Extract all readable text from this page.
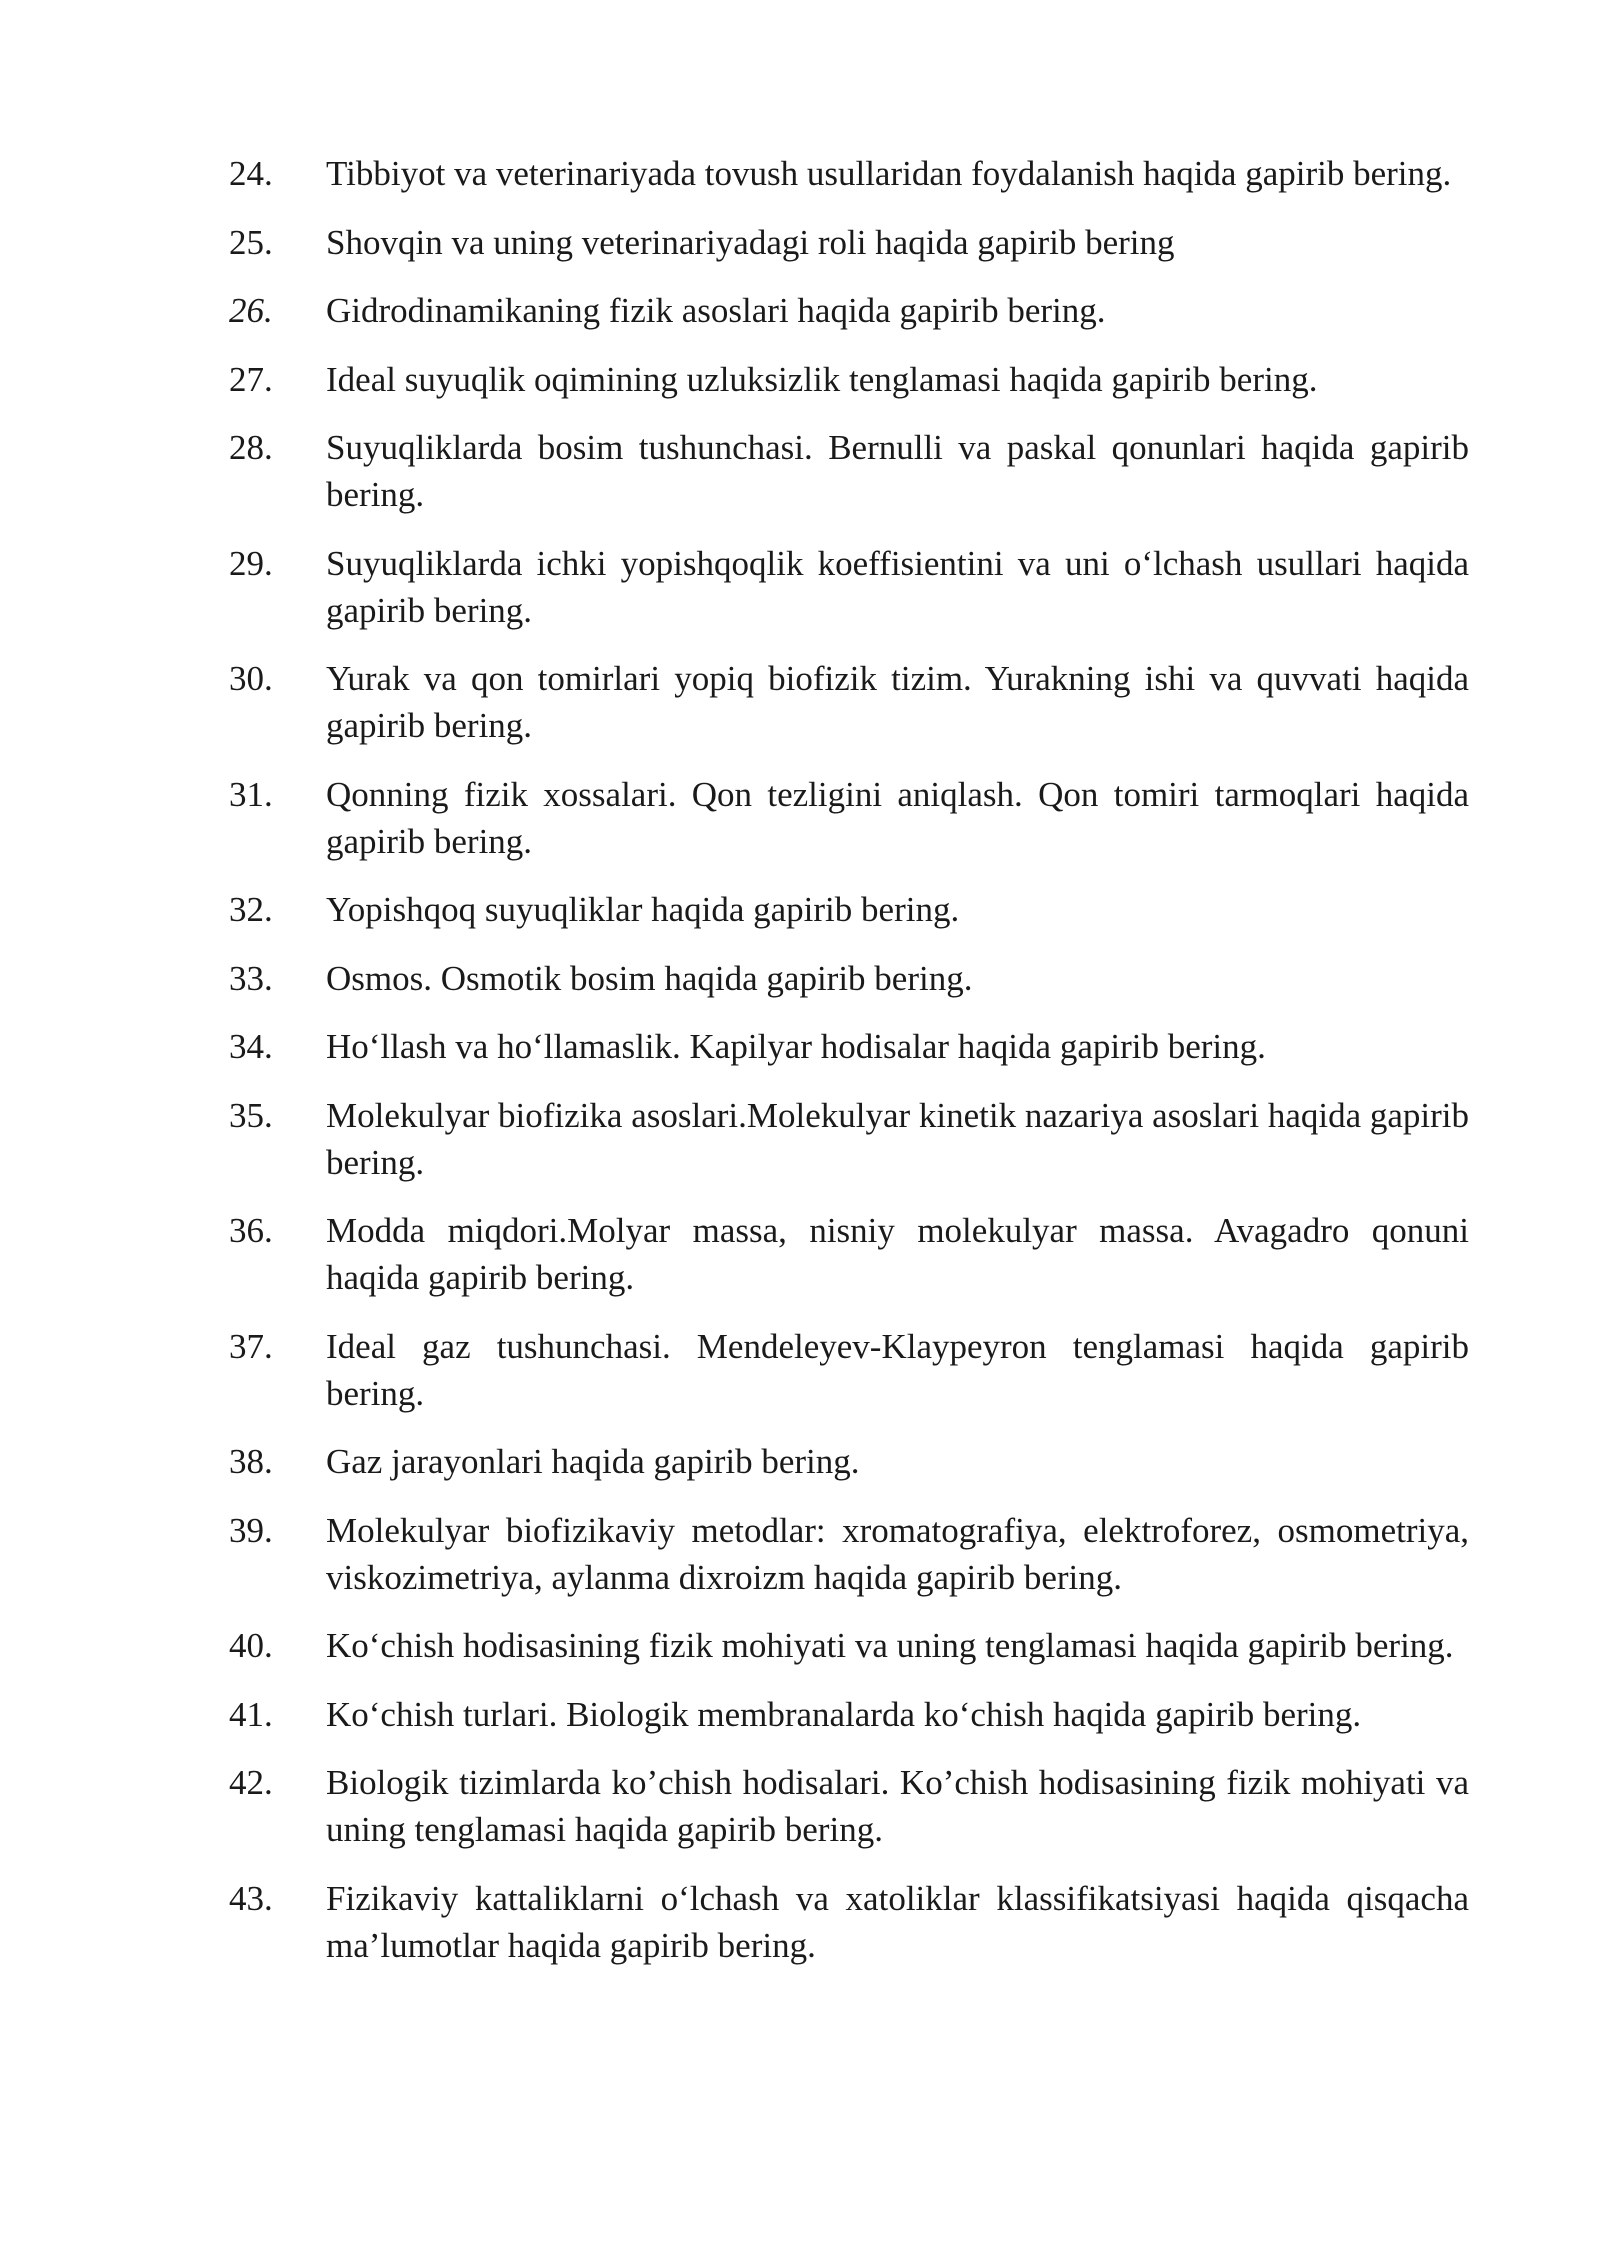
24.	Tibbiyot va veterinariyada tovush usullaridan foydalanish haqida gapirib bering.
25.	Shovqin va uning veterinariyadagi roli haqida gapirib bering
26.	Gidrodinamikaning fizik asoslari haqida gapirib bering.
27.	Ideal suyuqlik oqimining uzluksizlik tenglamasi haqida gapirib bering.
28.	Suyuqliklarda bosim tushunchasi. Bernulli va paskal qonunlari haqida gapirib bering.
29.	Suyuqliklarda ichki yopishqoqlik koeffisientini va uni o‘lchash usullari haqida gapirib bering.
30.	Yurak va qon tomirlari yopiq biofizik tizim. Yurakning ishi va quvvati haqida gapirib bering.
31.	Qonning fizik xossalari. Qon tezligini aniqlash. Qon tomiri tarmoqlari haqida gapirib bering.
32.	Yopishqoq suyuqliklar haqida gapirib bering.
33.	Osmos. Osmotik bosim haqida gapirib bering.
34.	Ho‘llash va ho‘llamaslik. Kapilyar hodisalar haqida gapirib bering.
35.	Molekulyar biofizika asoslari.Molekulyar kinetik nazariya asoslari haqida gapirib bering.
36.	Modda miqdori.Molyar massa, nisniy molekulyar massa. Avagadro qonuni haqida gapirib bering.
37.	Ideal gaz tushunchasi. Mendeleyev-Klaypeyron tenglamasi haqida gapirib bering.
38.	Gaz jarayonlari haqida gapirib bering.
39.	Molekulyar biofizikaviy metodlar: xromatografiya, elektroforez, osmometriya, viskozimetriya, aylanma dixroizm haqida gapirib bering.
40.	Ko‘chish hodisasining fizik mohiyati va uning tenglamasi haqida gapirib bering.
41.	Ko‘chish turlari. Biologik membranalarda ko‘chish haqida gapirib bering.
42.	Biologik tizimlarda ko’chish hodisalari. Ko’chish hodisasining fizik mohiyati va uning tenglamasi haqida gapirib bering.
43.	Fizikaviy kattaliklarni o‘lchash va xatoliklar klassifikatsiyasi haqida qisqacha ma’lumotlar haqida gapirib bering.
